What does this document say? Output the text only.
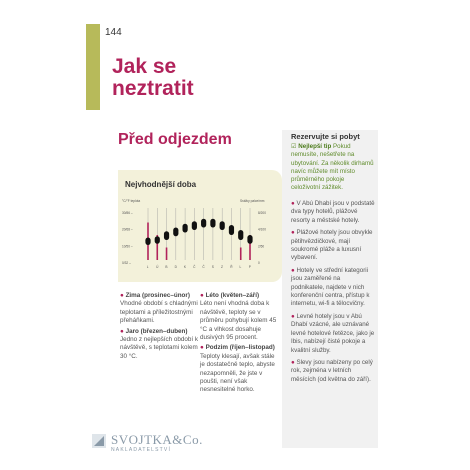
144
Jak se
neztratit
Před odjezdem
Nejvhodnější doba
°C/°F teplota	Srážky palce/mm
30/86 –
20/68 –
10/50 –
0/32 –
8/200
4/100
2/50
0
L Ú B D K Č Č S Z Ř L P
● Zima (prosinec–únor)
Vhodné období s chladnými teplotami a příležitostnými přeháňkami.
● Jaro (březen–duben)
Jedno z nejlepších období k návštěvě, s teplotami kolem 30 °C.
● Léto (květen–září)
Léto není vhodná doba k návštěvě, teploty se v průměru pohybují kolem 45 °C a vlhkost dosahuje dusivých 95 procent.
● Podzim (říjen–listopad)
Teploty klesají, avšak stále je dostatečně teplo, abyste nezapomněli, že jste v poušti, není však nesnesitelné horko.
Rezervujte si pobyt
☑ Nejlepší tip Pokud nemusíte, nešetřete na ubytování. Za několik dirhamů navíc můžete mít místo průměrného pokoje celoživotní zážitek.
● V Abú Dhabí jsou v podstatě dva typy hotelů, plážové resorty a městské hotely.
● Plážové hotely jsou obvykle pětihvězdičkové, mají soukromé pláže a luxusní vybavení.
● Hotely ve střední kategorii jsou zaměřené na podnikatele, najdete v nich konferenční centra, přístup k internetu, wi-fi a tělocvičny.
● Levné hotely jsou v Abú Dhabí vzácné, ale uznávané levné hotelové řetězce, jako je Ibis, nabízejí čisté pokoje a kvalitní služby.
● Slevy jsou nabízeny po celý rok, zejména v letních měsících (od května do září).
SVOJTKA&Co.
NAKLADATELSTVÍ
